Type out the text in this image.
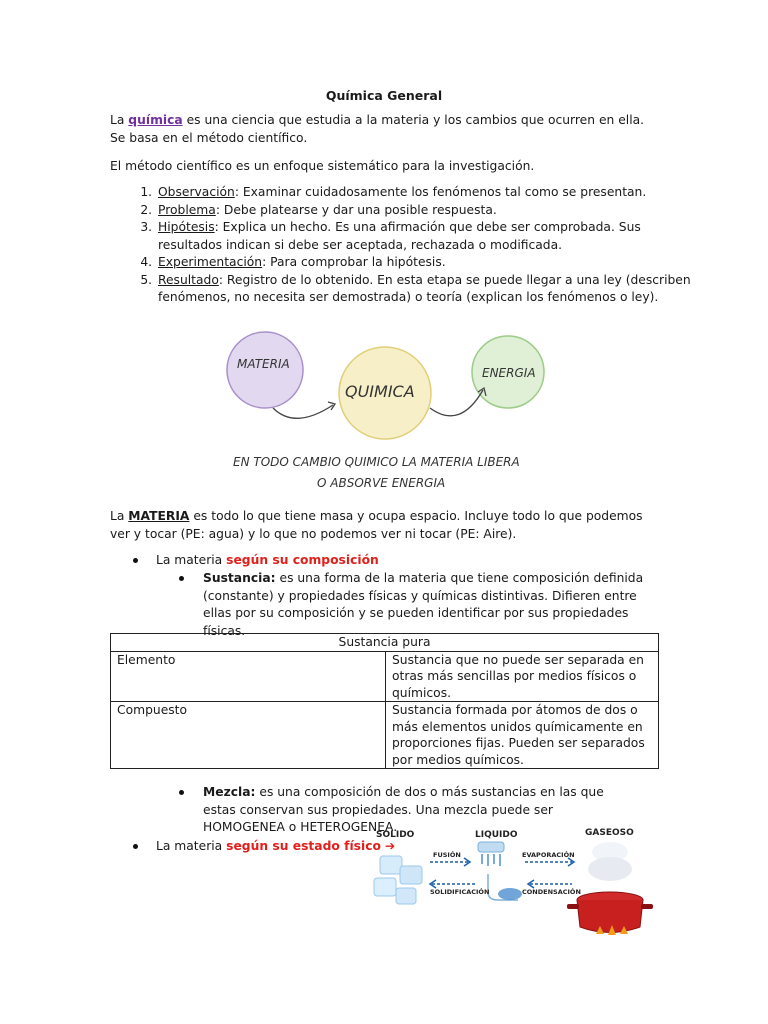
Química General
La química es una ciencia que estudia a la materia y los cambios que ocurren en ella. Se basa en el método científico.
El método científico es un enfoque sistemático para la investigación.
1. Observación: Examinar cuidadosamente los fenómenos tal como se presentan.
2. Problema: Debe platearse y dar una posible respuesta.
3. Hipótesis: Explica un hecho. Es una afirmación que debe ser comprobada. Sus resultados indican si debe ser aceptada, rechazada o modificada.
4. Experimentación: Para comprobar la hipótesis.
5. Resultado: Registro de lo obtenido. En esta etapa se puede llegar a una ley (describen fenómenos, no necesita ser demostrada) o teoría (explican los fenómenos o ley).
MATERIA
QUIMICA
ENERGIA
EN TODO CAMBIO QUIMICO LA MATERIA LIBERA
O ABSORVE ENERGIA
La MATERIA es todo lo que tiene masa y ocupa espacio. Incluye todo lo que podemos ver y tocar (PE: agua) y lo que no podemos ver ni tocar (PE: Aire).
La materia según su composición
Sustancia: es una forma de la materia que tiene composición definida (constante) y propiedades físicas y químicas distintivas. Difieren entre ellas por su composición y se pueden identificar por sus propiedades físicas.
Sustancia pura	
Elemento	Sustancia que no puede ser separada en otras más sencillas por medios físicos o químicos.
Compuesto	Sustancia formada por átomos de dos o más elementos unidos químicamente en proporciones fijas. Pueden ser separados por medios químicos.
Mezcla: es una composición de dos o más sustancias en las que estas conservan sus propiedades. Una mezcla puede ser HOMOGENEA o HETEROGENEA.
La materia según su estado físico ➔
SOLIDO	LIQUIDO	GASEOSO
FUSIÓN	EVAPORACIÓN
SOLIDIFICACIÓN	CONDENSACIÓN
